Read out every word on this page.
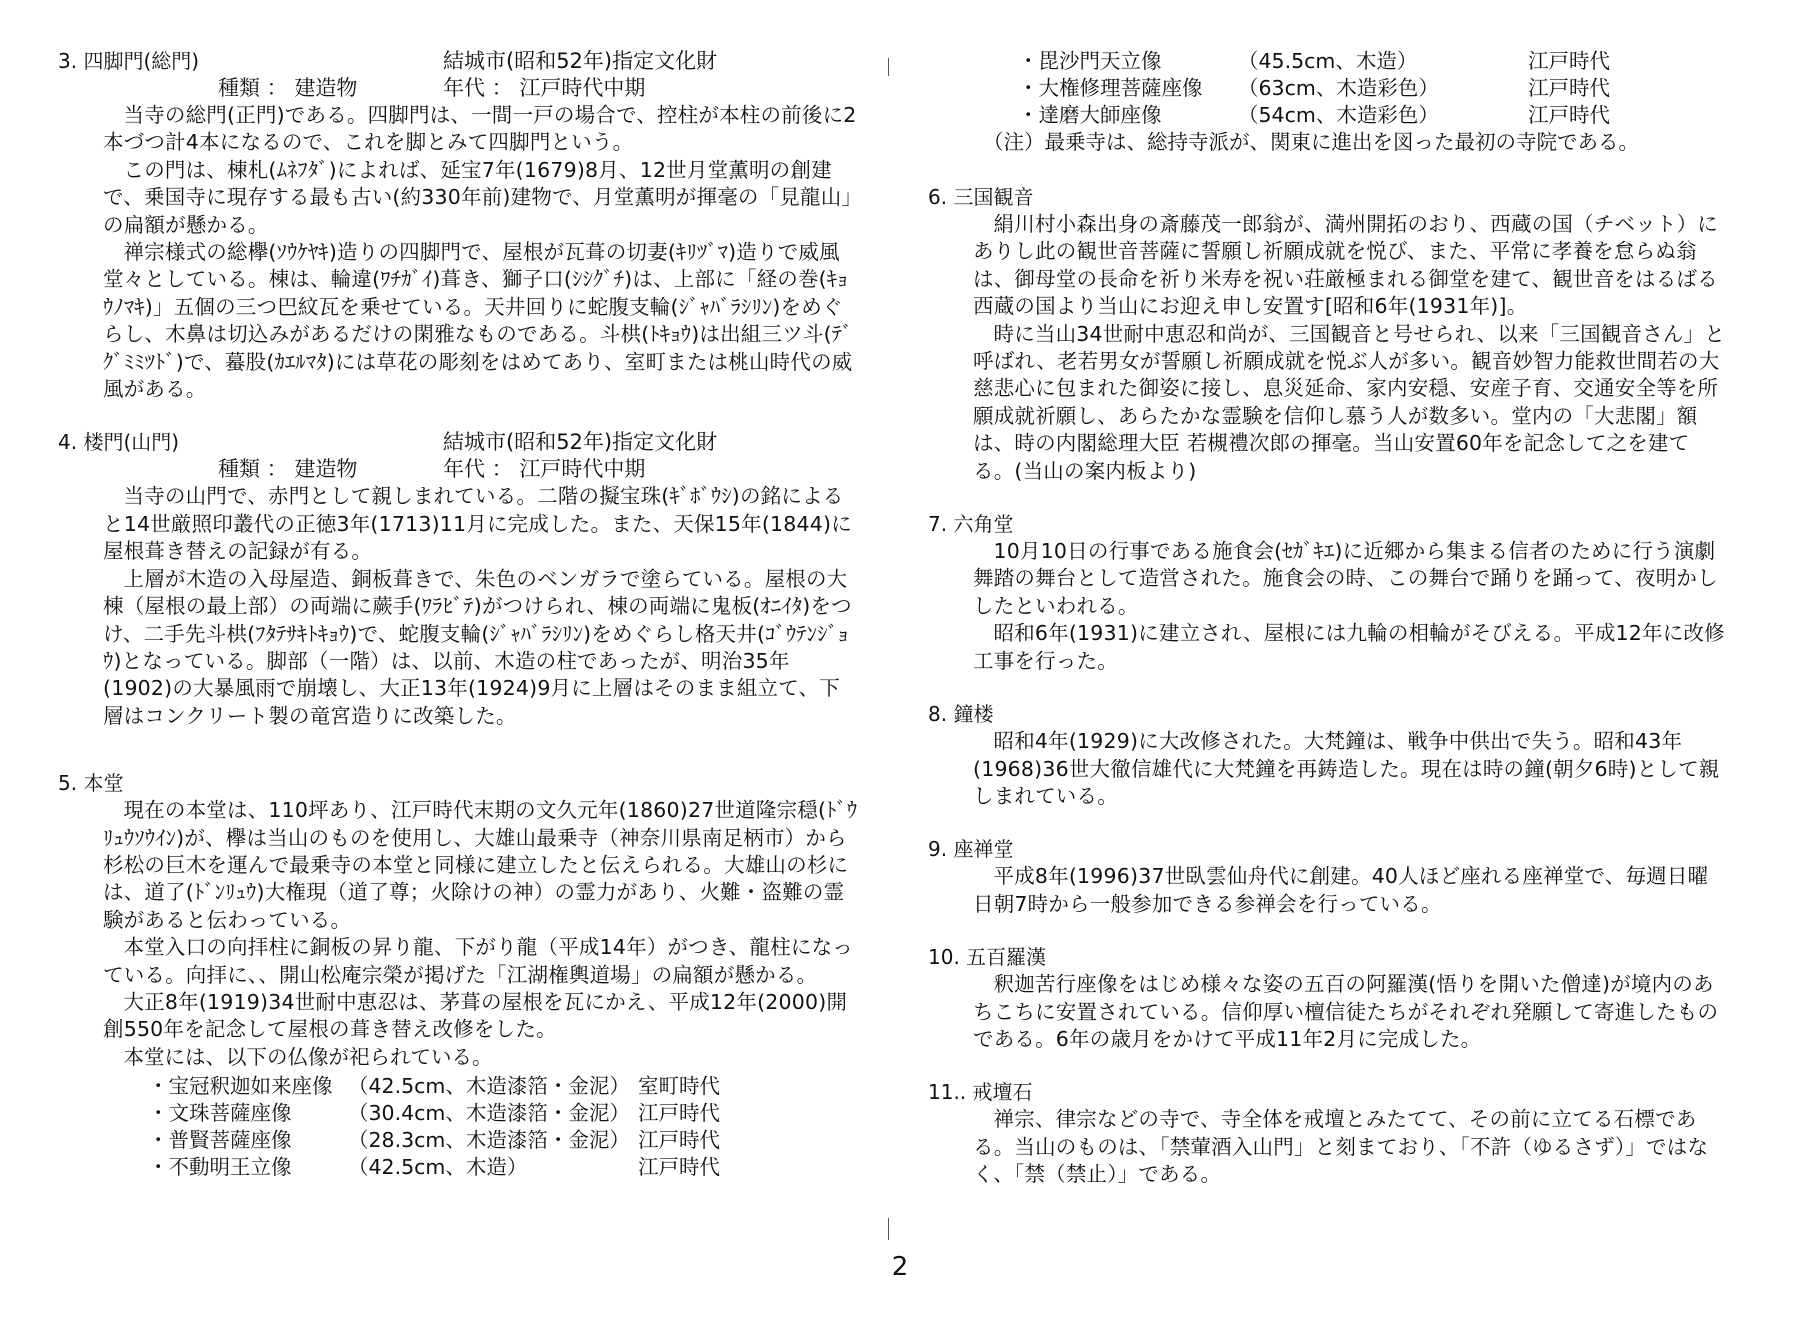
3. 四脚門(総門)	結城市(昭和52年)指定文化財
種類 ： 建造物	年代 ： 江戸時代中期

当寺の総門(正門)である。四脚門は、一間一戸の場合で、控柱が本柱の前後に2本づつ計4本になるので、これを脚とみて四脚門という。

この門は、棟札(ﾑﾈﾌﾀﾞ)によれば、延宝7年(1679)8月、12世月堂薫明の創建で、乗国寺に現存する最も古い(約330年前)建物で、月堂薫明が揮毫の「見龍山」の扁額が懸かる。

禅宗様式の総欅(ｿｳｹﾔｷ)造りの四脚門で、屋根が瓦葺の切妻(ｷﾘﾂﾞﾏ)造りで威風堂々としている。棟は、輪違(ﾜﾁｶﾞｲ)葺き、獅子口(ｼｼｸﾞﾁ)は、上部に「経の巻(ｷｮｳﾉﾏｷ)」五個の三つ巴紋瓦を乗せている。天井回りに蛇腹支輪(ｼﾞｬﾊﾞﾗｼﾘﾝ)をめぐらし、木鼻は切込みがあるだけの閑雅なものである。斗栱(ﾄｷｮｳ)は出組三ツ斗(ﾃﾞｸﾞﾐﾐﾂﾄﾞ)で、蟇股(ｶｴﾙﾏﾀ)には草花の彫刻をはめてあり、室町または桃山時代の威風がある。

4. 楼門(山門)	結城市(昭和52年)指定文化財
種類 ： 建造物	年代 ： 江戸時代中期

当寺の山門で、赤門として親しまれている。二階の擬宝珠(ｷﾞﾎﾞｳｼ)の銘によると14世厳照印叢代の正徳3年(1713)11月に完成した。また、天保15年(1844)に屋根葺き替えの記録が有る。

上層が木造の入母屋造、銅板葺きで、朱色のベンガラで塗らている。屋根の大棟（屋根の最上部）の両端に蕨手(ﾜﾗﾋﾞﾃ)がつけられ、棟の両端に鬼板(ｵﾆｲﾀ)をつけ、二手先斗栱(ﾌﾀﾃｻｷﾄｷｮｳ)で、蛇腹支輪(ｼﾞｬﾊﾞﾗｼﾘﾝ)をめぐらし格天井(ｺﾞｳﾃﾝｼﾞｮｳ)となっている。脚部（一階）は、以前、木造の柱であったが、明治35年(1902)の大暴風雨で崩壊し、大正13年(1924)9月に上層はそのまま組立て、下層はコンクリート製の竜宮造りに改築した。

5. 本堂

現在の本堂は、110坪あり、江戸時代末期の文久元年(1860)27世道隆宗穏(ﾄﾞｳﾘｭｳｿｳｲﾝ)が、欅は当山のものを使用し、大雄山最乗寺（神奈川県南足柄市）から杉松の巨木を運んで最乗寺の本堂と同様に建立したと伝えられる。大雄山の杉には、道了(ﾄﾞﾝﾘｭｳ)大権現（道了尊；火除けの神）の霊力があり、火難・盗難の霊験があると伝わっている。

本堂入口の向拝柱に銅板の昇り龍、下がり龍（平成14年）がつき、龍柱になっている。向拝に、、開山松庵宗榮が掲げた「江湖権輿道場」の扁額が懸かる。

大正8年(1919)34世耐中恵忍は、茅葺の屋根を瓦にかえ、平成12年(2000)開創550年を記念して屋根の葺き替え改修をした。

本堂には、以下の仏像が祀られている。

・宝冠釈迦如来座像 （42.5cm、木造漆箔・金泥） 室町時代
・文珠菩薩座像	（30.4cm、木造漆箔・金泥） 江戸時代
・普賢菩薩座像	（28.3cm、木造漆箔・金泥） 江戸時代
・不動明王立像	（42.5cm、木造）	江戸時代
・毘沙門天立像	（45.5cm、木造）	江戸時代
・大権修理菩薩座像 （63cm、木造彩色）	江戸時代
・達磨大師座像	（54cm、木造彩色）	江戸時代

（注）最乗寺は、総持寺派が、関東に進出を図った最初の寺院である。

6. 三国観音

絹川村小森出身の斎藤茂一郎翁が、満州開拓のおり、西蔵の国（チベット）にありし此の観世音菩薩に誓願し祈願成就を悦び、また、平常に孝養を怠らぬ翁は、御母堂の長命を祈り米寿を祝い荘厳極まれる御堂を建て、観世音をはるばる西蔵の国より当山にお迎え申し安置す[昭和6年(1931年)]。

時に当山34世耐中恵忍和尚が、三国観音と号せられ、以来「三国観音さん」と呼ばれ、老若男女が誓願し祈願成就を悦ぶ人が多い。観音妙智力能救世間若の大慈悲心に包まれた御姿に接し、息災延命、家内安穏、安産子育、交通安全等を所願成就祈願し、あらたかな霊験を信仰し慕う人が数多い。堂内の「大悲閣」額は、時の内閣総理大臣 若槻禮次郎の揮毫。当山安置60年を記念して之を建てる。(当山の案内板より)

7. 六角堂

10月10日の行事である施食会(ｾｶﾞｷｴ)に近郷から集まる信者のために行う演劇舞踏の舞台として造営された。施食会の時、この舞台で踊りを踊って、夜明かししたといわれる。

昭和6年(1931)に建立され、屋根には九輪の相輪がそびえる。平成12年に改修工事を行った。

8. 鐘楼

昭和4年(1929)に大改修された。大梵鐘は、戦争中供出で失う。昭和43年(1968)36世大徹信雄代に大梵鐘を再鋳造した。現在は時の鐘(朝夕6時)として親しまれている。

9. 座禅堂

平成8年(1996)37世臥雲仙舟代に創建。40人ほど座れる座禅堂で、毎週日曜日朝7時から一般参加できる参禅会を行っている。

10. 五百羅漢

釈迦苦行座像をはじめ様々な姿の五百の阿羅漢(悟りを開いた僧達)が境内のあちこちに安置されている。信仰厚い檀信徒たちがそれぞれ発願して寄進したものである。6年の歳月をかけて平成11年2月に完成した。

11.. 戒壇石

禅宗、律宗などの寺で、寺全体を戒壇とみたてて、その前に立てる石標である。当山のものは、「禁葷酒入山門」と刻まており、「不許（ゆるさず）」ではなく、「禁（禁止）」である。

2
